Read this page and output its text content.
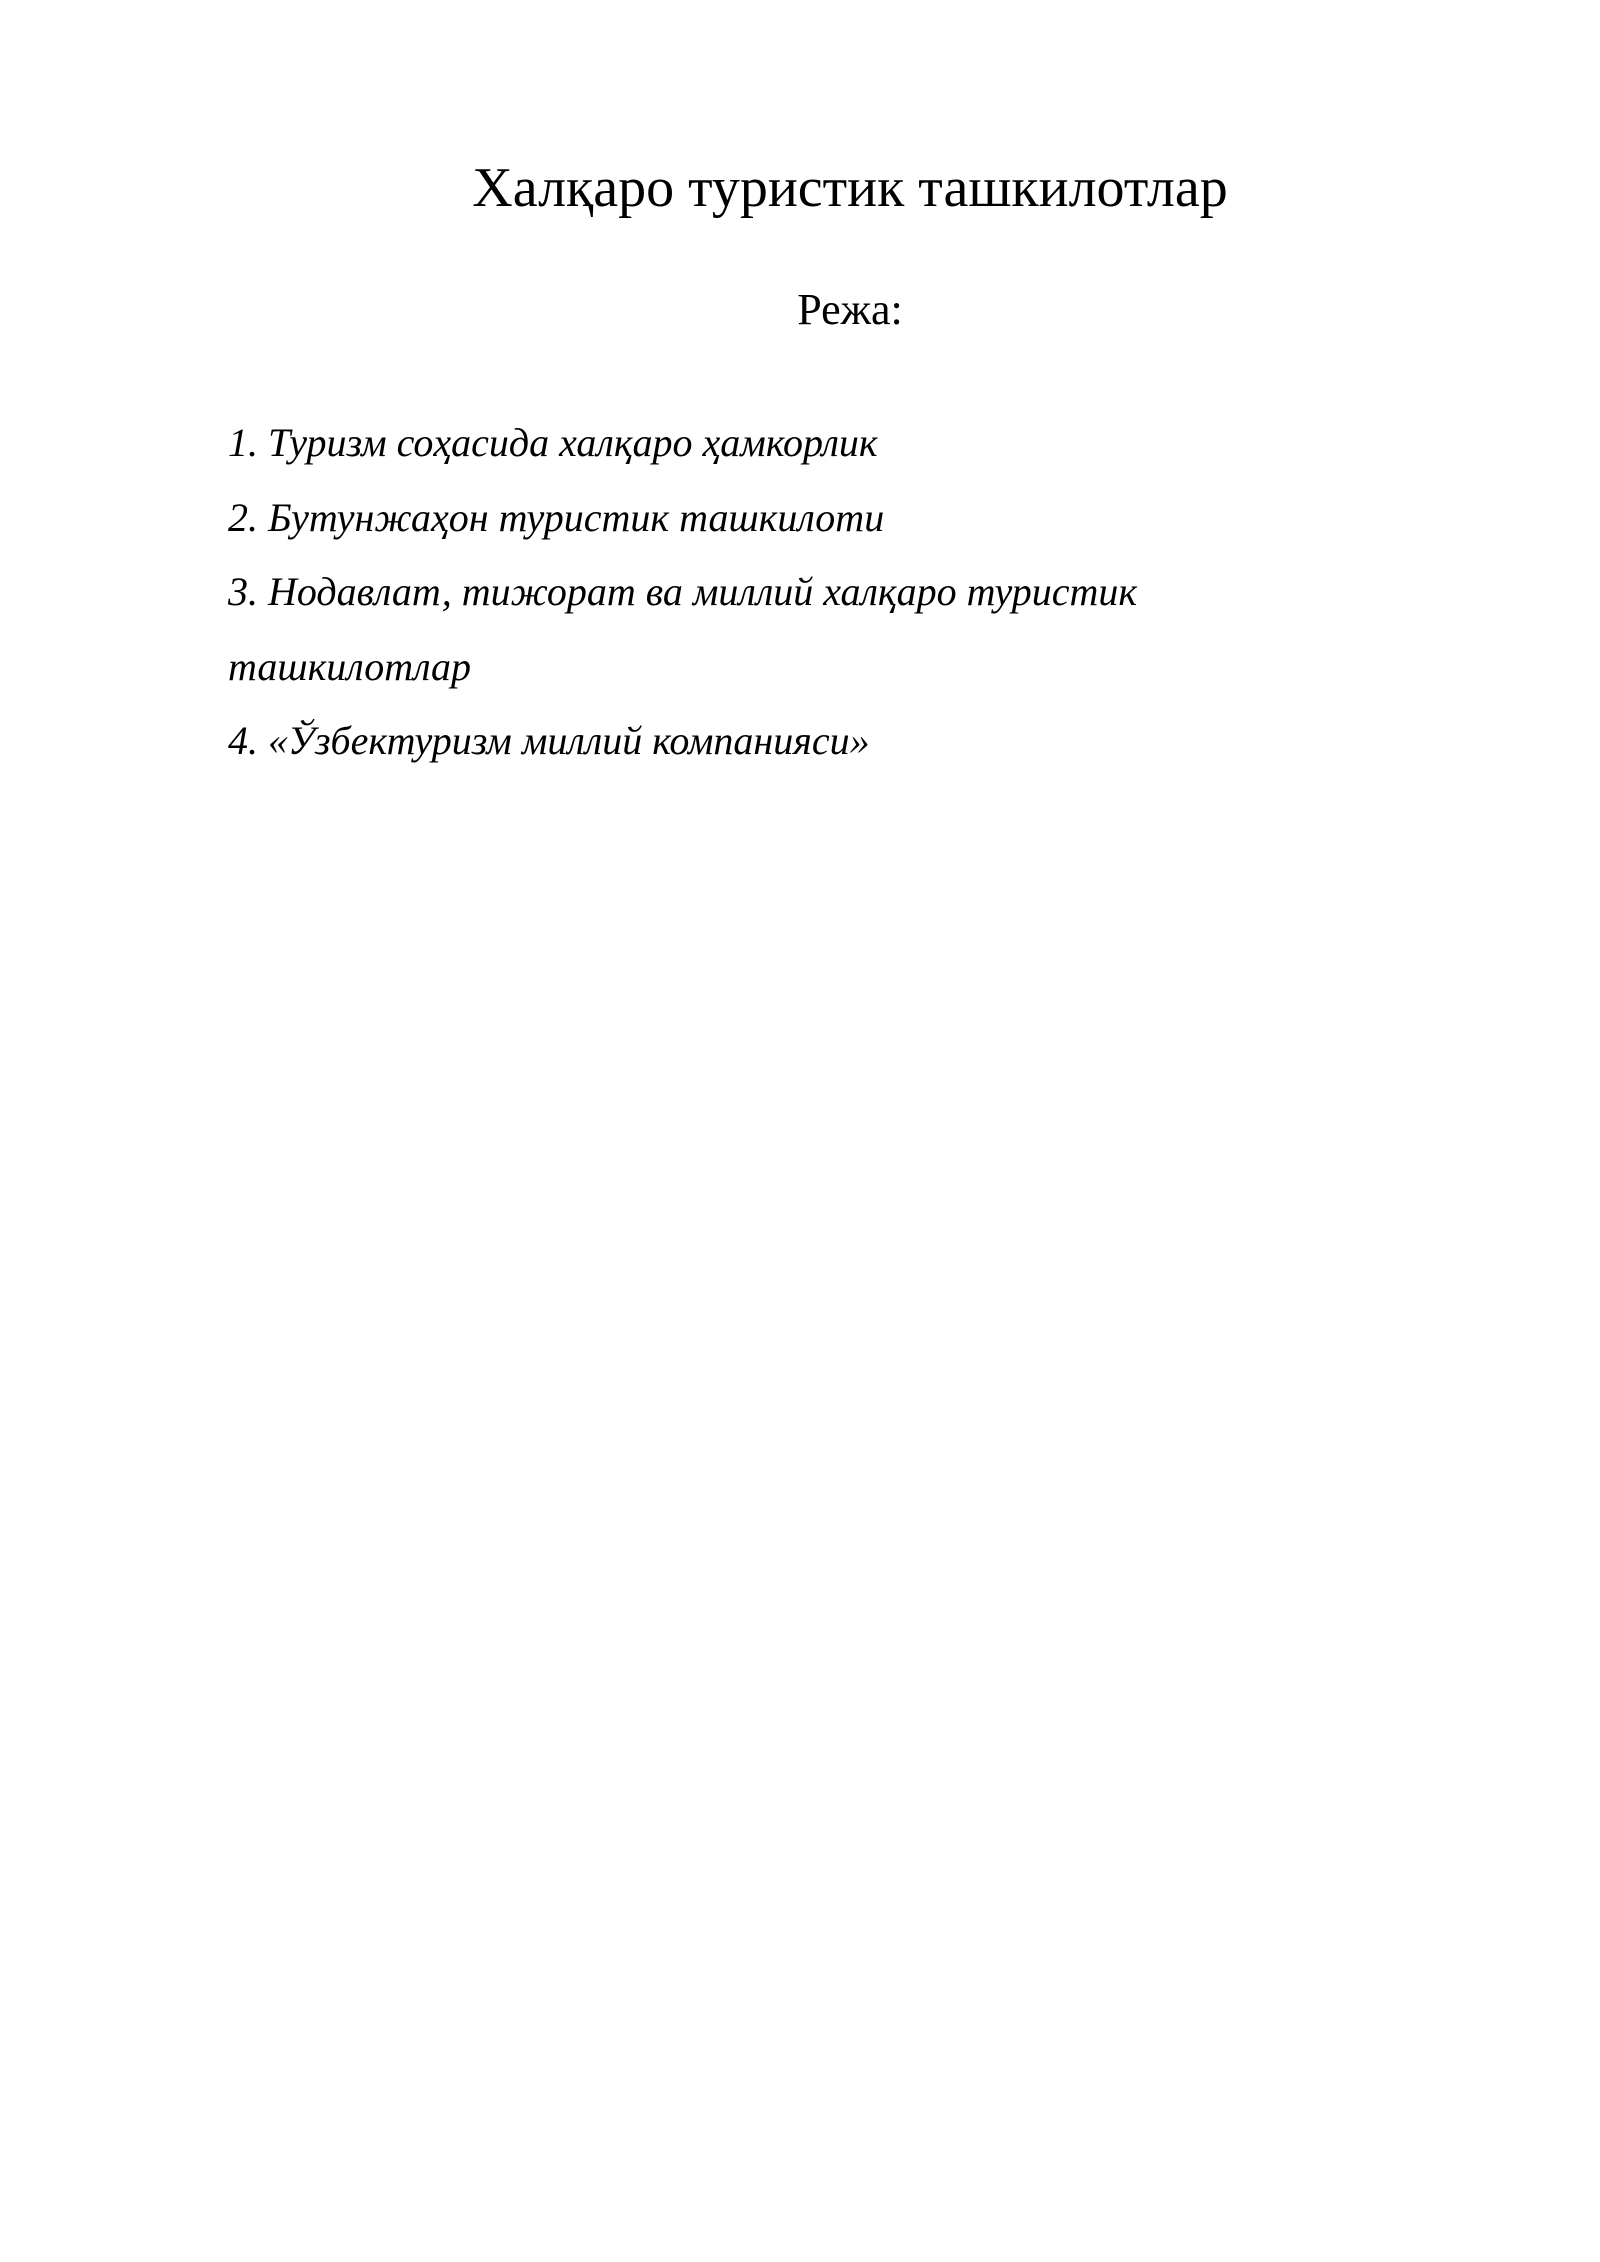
Халқаро туристик ташкилотлар
Режа:
1. Туризм соҳасида халқаро ҳамкорлик
2. Бутунжаҳон туристик ташкилоти
3. Нодавлат, тижорат ва миллий халқаро туристик ташкилотлар
4. «Ўзбектуризм миллий компанияси»
